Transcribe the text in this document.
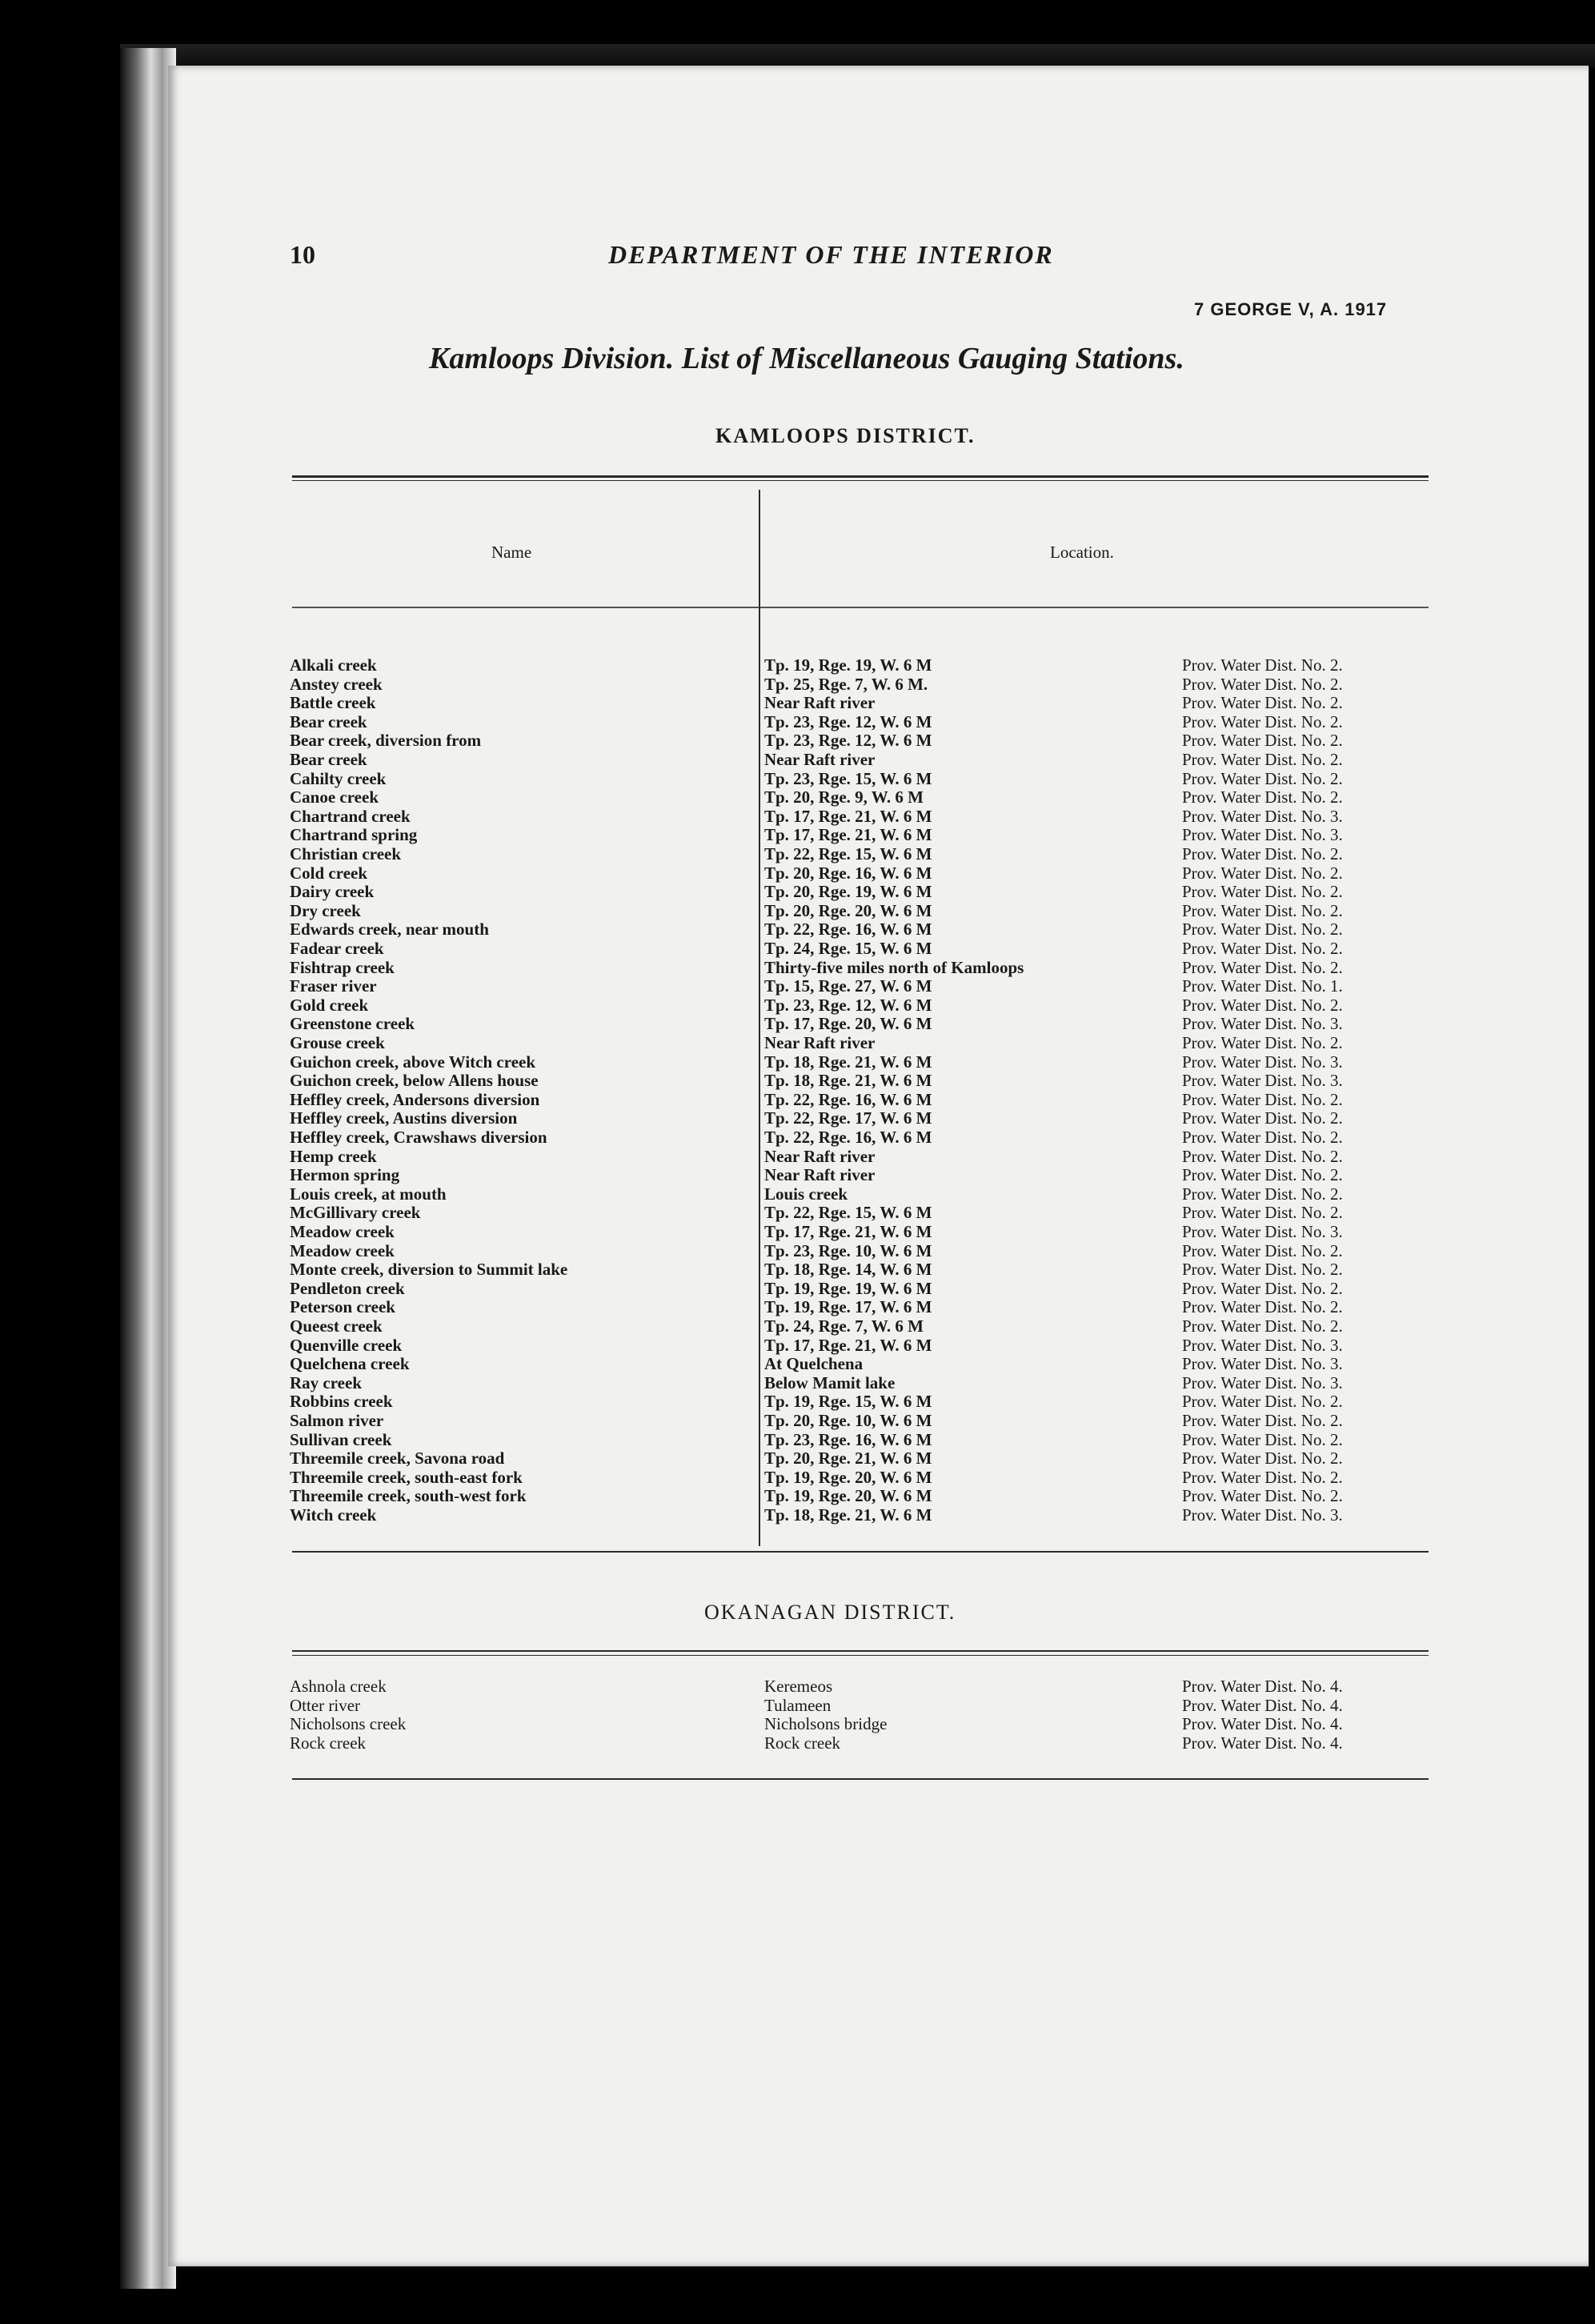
10	DEPARTMENT OF THE INTERIOR
7 GEORGE V, A. 1917
Kamloops Division. List of Miscellaneous Gauging Stations.
KAMLOOPS DISTRICT.
Name	Location.
Alkali creek	Tp. 19, Rge. 19, W. 6 M	Prov. Water Dist. No. 2.
Anstey creek	Tp. 25, Rge. 7, W. 6 M.	Prov. Water Dist. No. 2.
Battle creek	Near Raft river	Prov. Water Dist. No. 2.
Bear creek	Tp. 23, Rge. 12, W. 6 M	Prov. Water Dist. No. 2.
Bear creek, diversion from	Tp. 23, Rge. 12, W. 6 M	Prov. Water Dist. No. 2.
Bear creek	Near Raft river	Prov. Water Dist. No. 2.
Cahilty creek	Tp. 23, Rge. 15, W. 6 M	Prov. Water Dist. No. 2.
Canoe creek	Tp. 20, Rge. 9, W. 6 M	Prov. Water Dist. No. 2.
Chartrand creek	Tp. 17, Rge. 21, W. 6 M	Prov. Water Dist. No. 3.
Chartrand spring	Tp. 17, Rge. 21, W. 6 M	Prov. Water Dist. No. 3.
Christian creek	Tp. 22, Rge. 15, W. 6 M	Prov. Water Dist. No. 2.
Cold creek	Tp. 20, Rge. 16, W. 6 M	Prov. Water Dist. No. 2.
Dairy creek	Tp. 20, Rge. 19, W. 6 M	Prov. Water Dist. No. 2.
Dry creek	Tp. 20, Rge. 20, W. 6 M	Prov. Water Dist. No. 2.
Edwards creek, near mouth	Tp. 22, Rge. 16, W. 6 M	Prov. Water Dist. No. 2.
Fadear creek	Tp. 24, Rge. 15, W. 6 M	Prov. Water Dist. No. 2.
Fishtrap creek	Thirty-five miles north of Kamloops	Prov. Water Dist. No. 2.
Fraser river	Tp. 15, Rge. 27, W. 6 M	Prov. Water Dist. No. 1.
Gold creek	Tp. 23, Rge. 12, W. 6 M	Prov. Water Dist. No. 2.
Greenstone creek	Tp. 17, Rge. 20, W. 6 M	Prov. Water Dist. No. 3.
Grouse creek	Near Raft river	Prov. Water Dist. No. 2.
Guichon creek, above Witch creek	Tp. 18, Rge. 21, W. 6 M	Prov. Water Dist. No. 3.
Guichon creek, below Allens house	Tp. 18, Rge. 21, W. 6 M	Prov. Water Dist. No. 3.
Heffley creek, Andersons diversion	Tp. 22, Rge. 16, W. 6 M	Prov. Water Dist. No. 2.
Heffley creek, Austins diversion	Tp. 22, Rge. 17, W. 6 M	Prov. Water Dist. No. 2.
Heffley creek, Crawshaws diversion	Tp. 22, Rge. 16, W. 6 M	Prov. Water Dist. No. 2.
Hemp creek	Near Raft river	Prov. Water Dist. No. 2.
Hermon spring	Near Raft river	Prov. Water Dist. No. 2.
Louis creek, at mouth	Louis creek	Prov. Water Dist. No. 2.
McGillivary creek	Tp. 22, Rge. 15, W. 6 M	Prov. Water Dist. No. 2.
Meadow creek	Tp. 17, Rge. 21, W. 6 M	Prov. Water Dist. No. 3.
Meadow creek	Tp. 23, Rge. 10, W. 6 M	Prov. Water Dist. No. 2.
Monte creek, diversion to Summit lake	Tp. 18, Rge. 14, W. 6 M	Prov. Water Dist. No. 2.
Pendleton creek	Tp. 19, Rge. 19, W. 6 M	Prov. Water Dist. No. 2.
Peterson creek	Tp. 19, Rge. 17, W. 6 M	Prov. Water Dist. No. 2.
Queest creek	Tp. 24, Rge. 7, W. 6 M	Prov. Water Dist. No. 2.
Quenville creek	Tp. 17, Rge. 21, W. 6 M	Prov. Water Dist. No. 3.
Quelchena creek	At Quelchena	Prov. Water Dist. No. 3.
Ray creek	Below Mamit lake	Prov. Water Dist. No. 3.
Robbins creek	Tp. 19, Rge. 15, W. 6 M	Prov. Water Dist. No. 2.
Salmon river	Tp. 20, Rge. 10, W. 6 M	Prov. Water Dist. No. 2.
Sullivan creek	Tp. 23, Rge. 16, W. 6 M	Prov. Water Dist. No. 2.
Threemile creek, Savona road	Tp. 20, Rge. 21, W. 6 M	Prov. Water Dist. No. 2.
Threemile creek, south-east fork	Tp. 19, Rge. 20, W. 6 M	Prov. Water Dist. No. 2.
Threemile creek, south-west fork	Tp. 19, Rge. 20, W. 6 M	Prov. Water Dist. No. 2.
Witch creek	Tp. 18, Rge. 21, W. 6 M	Prov. Water Dist. No. 3.
OKANAGAN DISTRICT.
Ashnola creek	Keremeos	Prov. Water Dist. No. 4.
Otter river	Tulameen	Prov. Water Dist. No. 4.
Nicholsons creek	Nicholsons bridge	Prov. Water Dist. No. 4.
Rock creek	Rock creek	Prov. Water Dist. No. 4.
